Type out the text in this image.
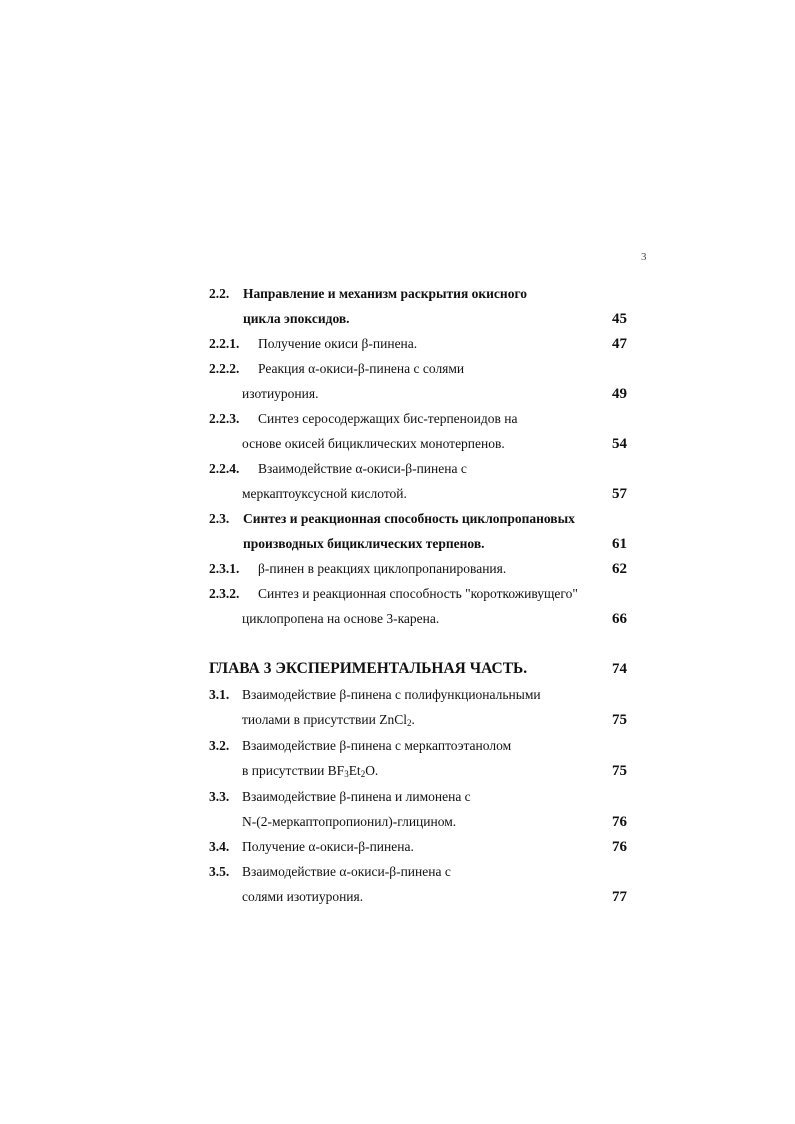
3
2.2. Направление и механизм раскрытия окисного
цикла эпоксидов.	45
2.2.1. Получение окиси β-пинена.	47
2.2.2. Реакция α-окиси-β-пинена с солями
изотиурония.	49
2.2.3. Синтез серосодержащих бис-терпеноидов на
основе окисей бициклических монотерпенов.	54
2.2.4. Взаимодействие α-окиси-β-пинена с
меркаптоуксусной кислотой.	57
2.3. Синтез и реакционная способность циклопропановых
производных бициклических терпенов.	61
2.3.1. β-пинен в реакциях циклопропанирования.	62
2.3.2. Синтез и реакционная способность "короткоживущего"
циклопропена на основе 3-карена.	66
ГЛАВА 3 ЭКСПЕРИМЕНТАЛЬНАЯ ЧАСТЬ.	74
3.1. Взаимодействие β-пинена с полифункциональными
тиолами в присутствии ZnCl$_2$.	75
3.2. Взаимодействие β-пинена с меркаптоэтанолом
в присутствии $BF_3Et_2O$.	75
3.3. Взаимодействие β-пинена и лимонена с
N-(2-меркаптопропионил)-глицином.	76
3.4. Получение α-окиси-β-пинена.	76
3.5. Взаимодействие α-окиси-β-пинена с
солями изотиурония.	77
